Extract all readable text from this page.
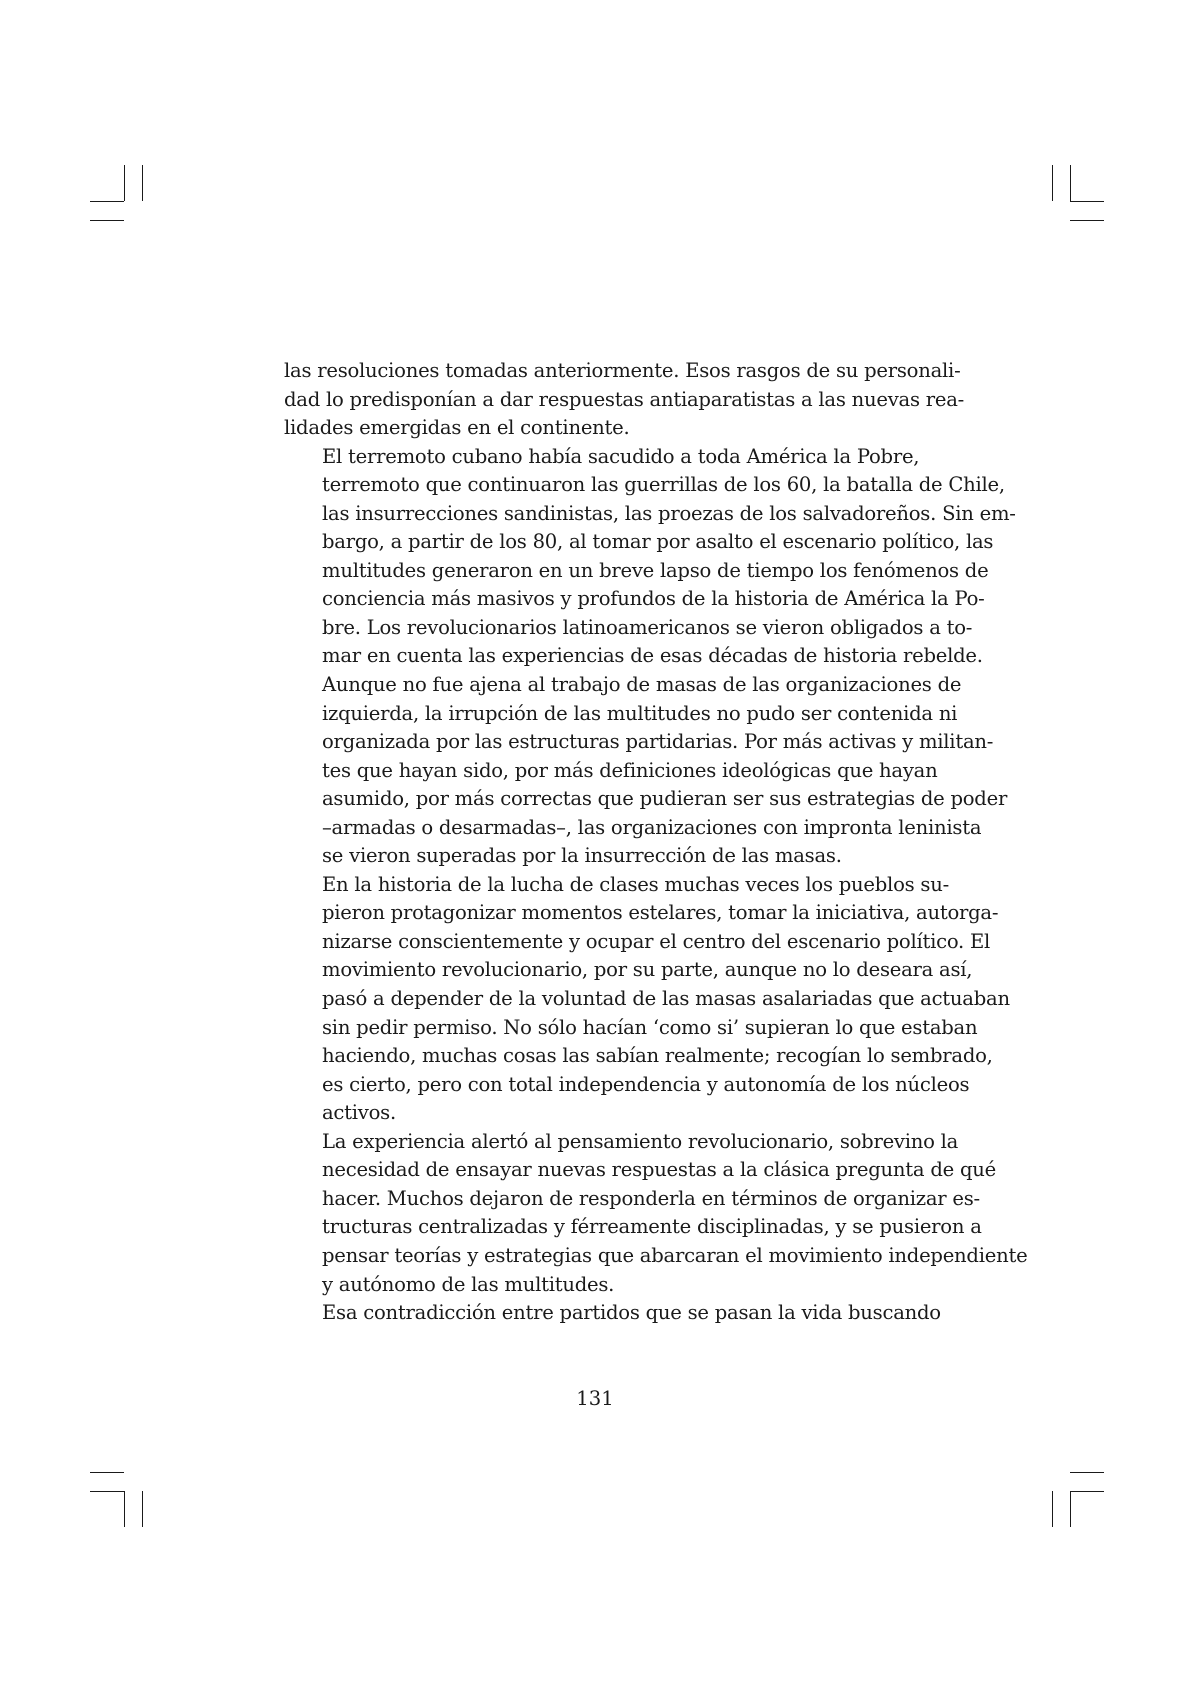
las resoluciones tomadas anteriormente. Esos rasgos de su personali-
dad lo predisponían a dar respuestas antiaparatistas a las nuevas rea-
lidades emergidas en el continente.

El terremoto cubano había sacudido a toda América la Pobre,
terremoto que continuaron las guerrillas de los 60, la batalla de Chile,
las insurrecciones sandinistas, las proezas de los salvadoreños. Sin em-
bargo, a partir de los 80, al tomar por asalto el escenario político, las
multitudes generaron en un breve lapso de tiempo los fenómenos de
conciencia más masivos y profundos de la historia de América la Po-
bre. Los revolucionarios latinoamericanos se vieron obligados a to-
mar en cuenta las experiencias de esas décadas de historia rebelde.

Aunque no fue ajena al trabajo de masas de las organizaciones de
izquierda, la irrupción de las multitudes no pudo ser contenida ni
organizada por las estructuras partidarias. Por más activas y militan-
tes que hayan sido, por más definiciones ideológicas que hayan
asumido, por más correctas que pudieran ser sus estrategias de poder
–armadas o desarmadas–, las organizaciones con impronta leninista
se vieron superadas por la insurrección de las masas.

En la historia de la lucha de clases muchas veces los pueblos su-
pieron protagonizar momentos estelares, tomar la iniciativa, autorga-
nizarse conscientemente y ocupar el centro del escenario político. El
movimiento revolucionario, por su parte, aunque no lo deseara así,
pasó a depender de la voluntad de las masas asalariadas que actuaban
sin pedir permiso. No sólo hacían ‘como si’ supieran lo que estaban
haciendo, muchas cosas las sabían realmente; recogían lo sembrado,
es cierto, pero con total independencia y autonomía de los núcleos
activos.

La experiencia alertó al pensamiento revolucionario, sobrevino la
necesidad de ensayar nuevas respuestas a la clásica pregunta de qué
hacer. Muchos dejaron de responderla en términos de organizar es-
tructuras centralizadas y férreamente disciplinadas, y se pusieron a
pensar teorías y estrategias que abarcaran el movimiento independiente
y autónomo de las multitudes.

Esa contradicción entre partidos que se pasan la vida buscando

131
